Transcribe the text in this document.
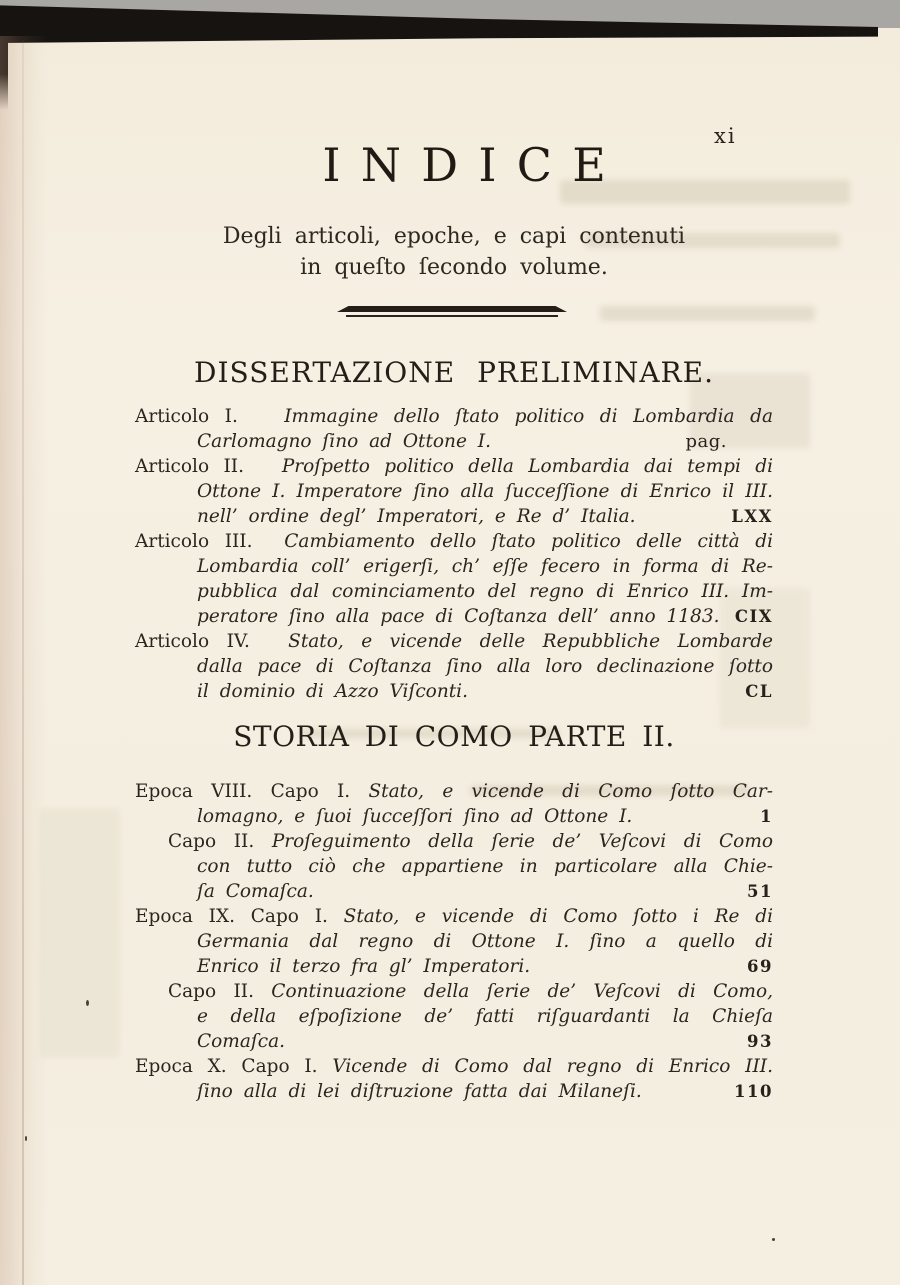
xi
INDICE
Degli articoli, epoche, e capi contenuti
in queſto ſecondo volume.
DISSERTAZIONE PRELIMINARE.
Articolo I.	Immagine dello ſtato politico di Lombardia da
Carlomagno ſino ad Ottone I.	pag.
Articolo II. Proſpetto politico della Lombardia dai tempi di
Ottone I. Imperatore ſino alla ſucceſſione di Enrico il III.
nell’ ordine degl’ Imperatori, e Re d’ Italia.	LXX
Articolo III. Cambiamento dello ſtato politico delle città di
Lombardia coll’ erigerſi, ch’ eſſe fecero in forma di Re-
pubblica dal cominciamento del regno di Enrico III. Im-
peratore ſino alla pace di Coſtanza dell’ anno 1183. CIX
Articolo IV. Stato, e vicende delle Repubbliche Lombarde
dalla pace di Coſtanza ſino alla loro declinazione ſotto
il dominio di Azzo Viſconti.	CL
STORIA DI COMO PARTE II.
Epoca VIII. Capo I. Stato, e vicende di Como ſotto Car-
lomagno, e ſuoi ſucceſſori ſino ad Ottone I.	1
Capo II. Proſeguimento della ſerie de’ Veſcovi di Como
con tutto ciò che appartiene in particolare alla Chie-
ſa Comaſca.	51
Epoca IX. Capo I. Stato, e vicende di Como ſotto i Re di
Germania dal regno di Ottone I. ſino a quello di
Enrico il terzo fra gl’ Imperatori.	69
Capo II. Continuazione della ſerie de’ Veſcovi di Como,
e della eſpoſizione de’ fatti riſguardanti la Chieſa
Comaſca.	93
Epoca X. Capo I. Vicende di Como dal regno di Enrico III.
ſino alla di lei diſtruzione fatta dai Milaneſi.	110
